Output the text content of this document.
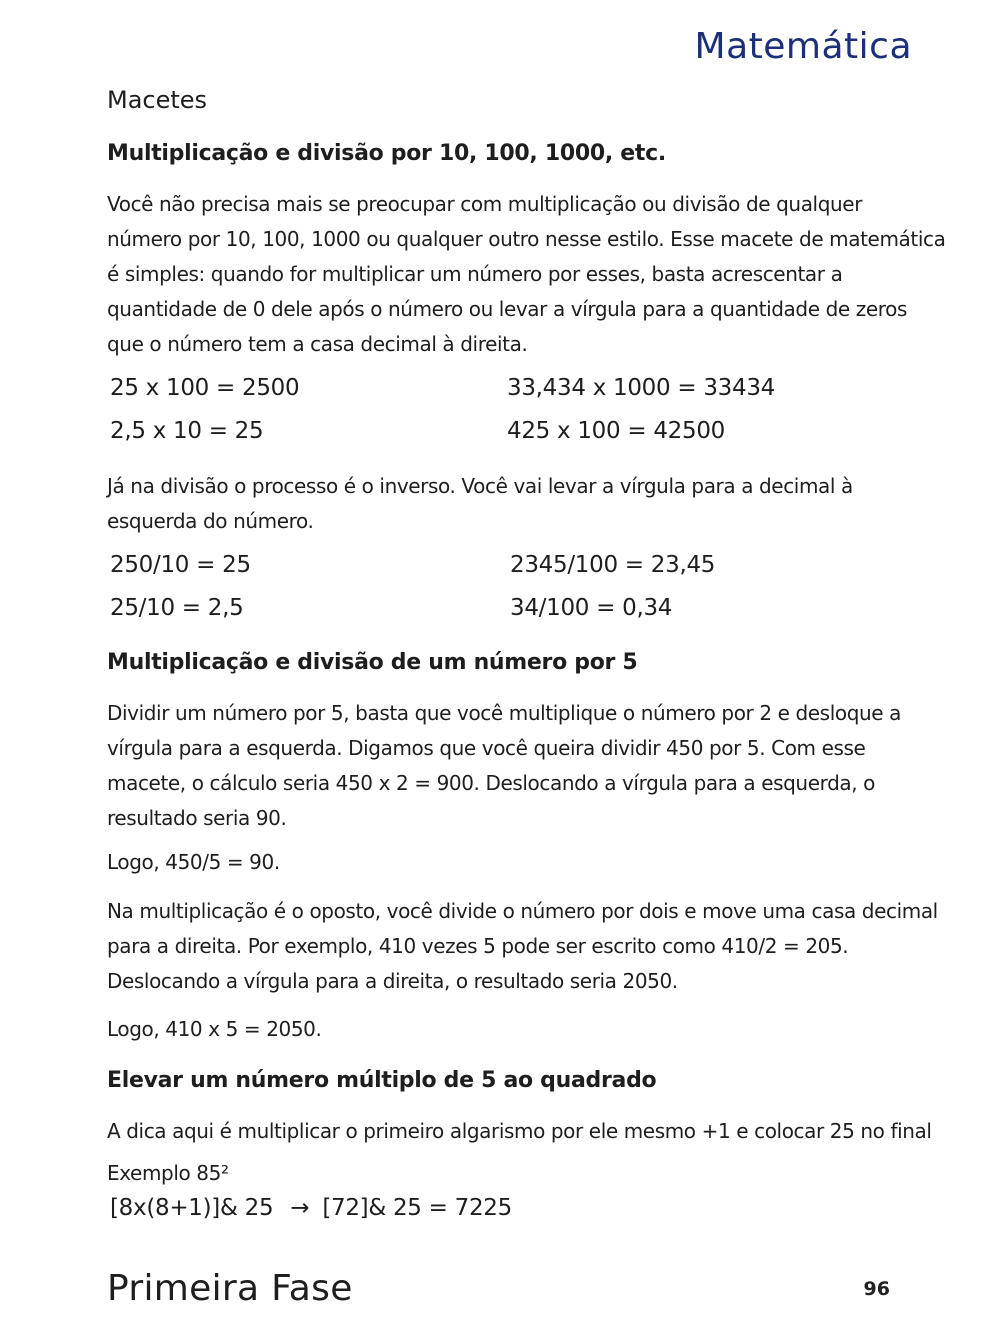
Matemática
Macetes
Multiplicação e divisão por 10, 100, 1000, etc.

Você não precisa mais se preocupar com multiplicação ou divisão de qualquer
número por 10, 100, 1000 ou qualquer outro nesse estilo. Esse macete de matemática
é simples: quando for multiplicar um número por esses, basta acrescentar a
quantidade de 0 dele após o número ou levar a vírgula para a quantidade de zeros
que o número tem a casa decimal à direita.

25 x 100 = 2500	33,434 x 1000 = 33434
2,5 x 10 = 25	425 x 100 = 42500

Já na divisão o processo é o inverso. Você vai levar a vírgula para a decimal à
esquerda do número.

250/10 = 25	2345/100 = 23,45
25/10 = 2,5	34/100 = 0,34
Multiplicação e divisão de um número por 5

Dividir um número por 5, basta que você multiplique o número por 2 e desloque a
vírgula para a esquerda. Digamos que você queira dividir 450 por 5. Com esse
macete, o cálculo seria 450 x 2 = 900. Deslocando a vírgula para a esquerda, o
resultado seria 90.

Logo, 450/5 = 90.

Na multiplicação é o oposto, você divide o número por dois e move uma casa decimal
para a direita. Por exemplo, 410 vezes 5 pode ser escrito como 410/2 = 205.
Deslocando a vírgula para a direita, o resultado seria 2050.

Logo, 410 x 5 = 2050.

Elevar um número múltiplo de 5 ao quadrado

A dica aqui é multiplicar o primeiro algarismo por ele mesmo +1 e colocar 25 no final

Exemplo 85²

[8x(8+1)]& 25 → [72]& 25 = 7225
Primeira Fase	96
